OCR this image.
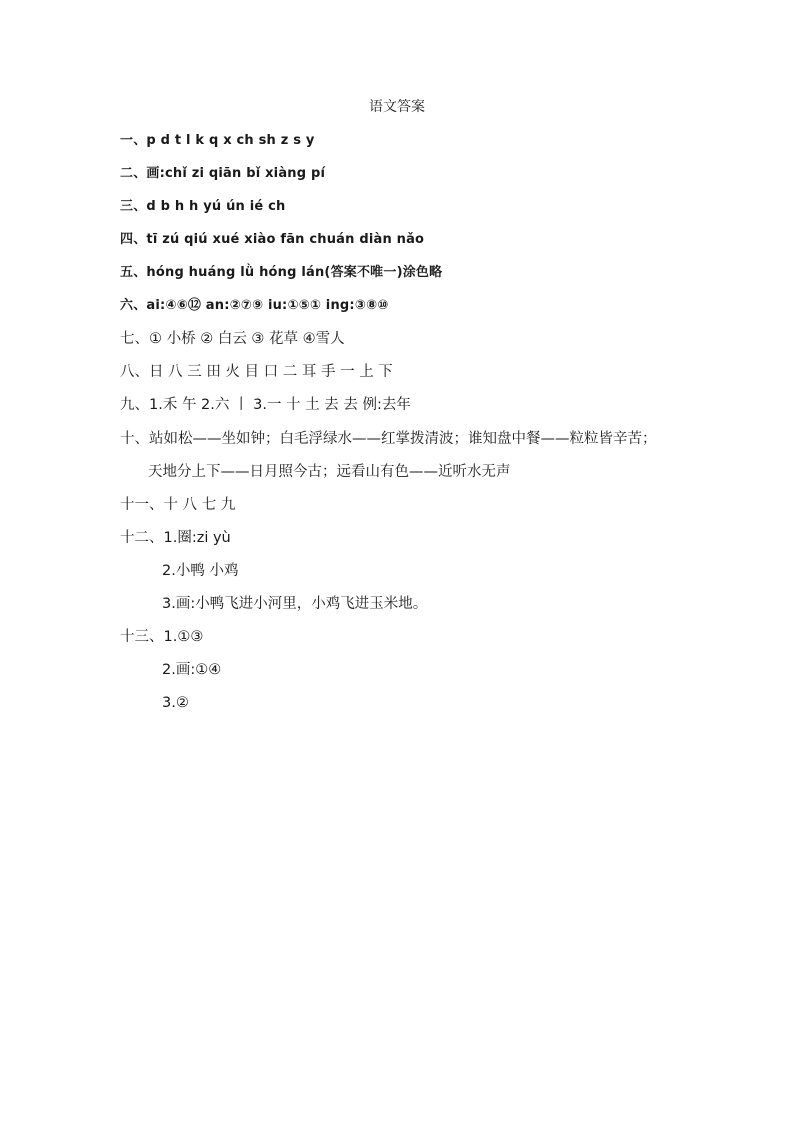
语文答案
一、p d t l k q x ch sh z s y
二、画:chǐ zi qiān bǐ xiàng pí
三、d b h h yú ún ié ch
四、tī zú qiú xué xiào fān chuán diàn nǎo
五、hóng huáng lǜ hóng lán(答案不唯一)涂色略
六、ai:④⑥⑫ an:②⑦⑨ iu:①⑤① ing:③⑧⑩
七、① 小桥 ② 白云 ③ 花草 ④雪人
八、日 八 三 田 火 目 口 二 耳 手 一 上 下
九、1.禾 午 2.六 丨 3.一 十 土 去 去 例:去年
十、站如松——坐如钟；白毛浮绿水——红掌拨清波；谁知盘中餐——粒粒皆辛苦；
天地分上下——日月照今古；远看山有色——近听水无声
十一、十 八 七 九
十二、1.圈:zi yù
2.小鸭 小鸡
3.画:小鸭飞进小河里，小鸡飞进玉米地。
十三、1.①③
2.画:①④
3.②
